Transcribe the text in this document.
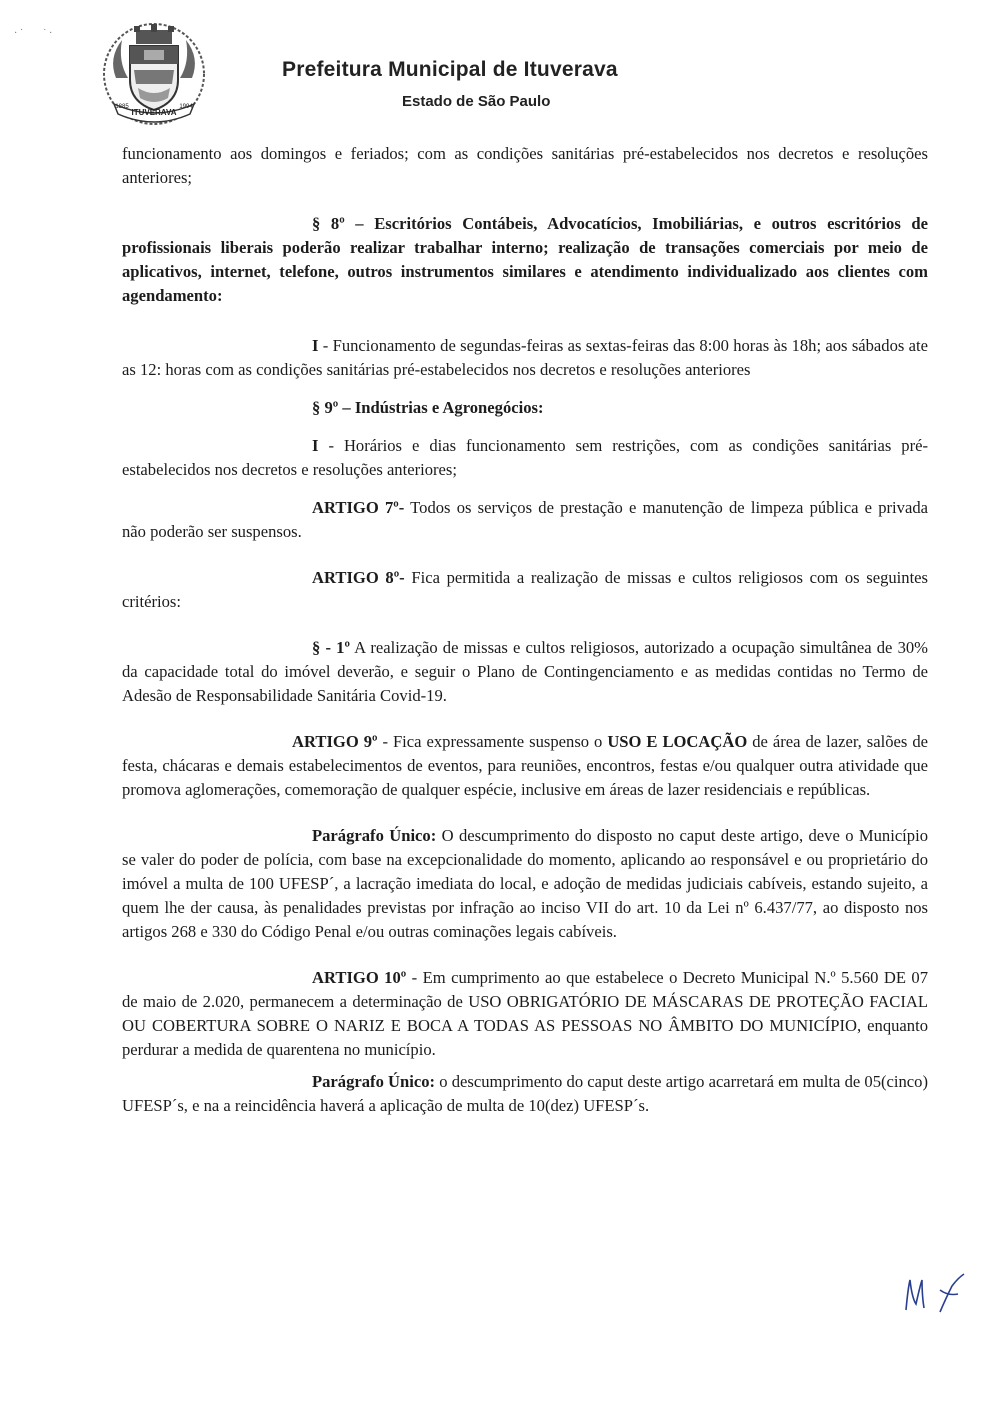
· ˙        ˙ ·
ITUVERAVA
1885	1994
Prefeitura Municipal de Ituverava
Estado de São Paulo

funcionamento aos domingos e feriados; com as condições sanitárias pré-estabelecidos nos decretos e resoluções anteriores;

§ 8º – Escritórios Contábeis, Advocatícios, Imobiliárias, e outros escritórios de profissionais liberais poderão realizar trabalhar interno; realização de transações comerciais por meio de aplicativos, internet, telefone, outros instrumentos similares e atendimento individualizado aos clientes com agendamento:

I - Funcionamento de segundas-feiras as sextas-feiras das 8:00 horas às 18h; aos sábados ate as 12: horas com as condições sanitárias pré-estabelecidos nos decretos e resoluções anteriores

§ 9º – Indústrias e Agronegócios:

I - Horários e dias funcionamento sem restrições, com as condições sanitárias pré-estabelecidos nos decretos e resoluções anteriores;

ARTIGO 7º- Todos os serviços de prestação e manutenção de limpeza pública e privada não poderão ser suspensos.

ARTIGO 8º- Fica permitida a realização de missas e cultos religiosos com os seguintes critérios:

§ - 1º A realização de missas e cultos religiosos, autorizado a ocupação simultânea de 30% da capacidade total do imóvel deverão, e seguir o Plano de Contingenciamento e as medidas contidas no Termo de Adesão de Responsabilidade Sanitária Covid-19.

ARTIGO 9º - Fica expressamente suspenso o USO E LOCAÇÃO de área de lazer, salões de festa, chácaras e demais estabelecimentos de eventos, para reuniões, encontros, festas e/ou qualquer outra atividade que promova aglomerações, comemoração de qualquer espécie, inclusive em áreas de lazer residenciais e repúblicas.

Parágrafo Único: O descumprimento do disposto no caput deste artigo, deve o Município se valer do poder de polícia, com base na excepcionalidade do momento, aplicando ao responsável e ou proprietário do imóvel a multa de 100 UFESP´, a lacração imediata do local, e adoção de medidas judiciais cabíveis, estando sujeito, a quem lhe der causa, às penalidades previstas por infração ao inciso VII do art. 10 da Lei nº 6.437/77, ao disposto nos artigos 268 e 330 do Código Penal e/ou outras cominações legais cabíveis.

ARTIGO 10º - Em cumprimento ao que estabelece o Decreto Municipal N.º 5.560 DE 07 de maio de 2.020, permanecem a determinação de USO OBRIGATÓRIO DE MÁSCARAS DE PROTEÇÃO FACIAL OU COBERTURA SOBRE O NARIZ E BOCA A TODAS AS PESSOAS NO ÂMBITO DO MUNICÍPIO, enquanto perdurar a medida de quarentena no município.

Parágrafo Único: o descumprimento do caput deste artigo acarretará em multa de 05(cinco) UFESP´s, e na a reincidência haverá a aplicação de multa de 10(dez) UFESP´s.
